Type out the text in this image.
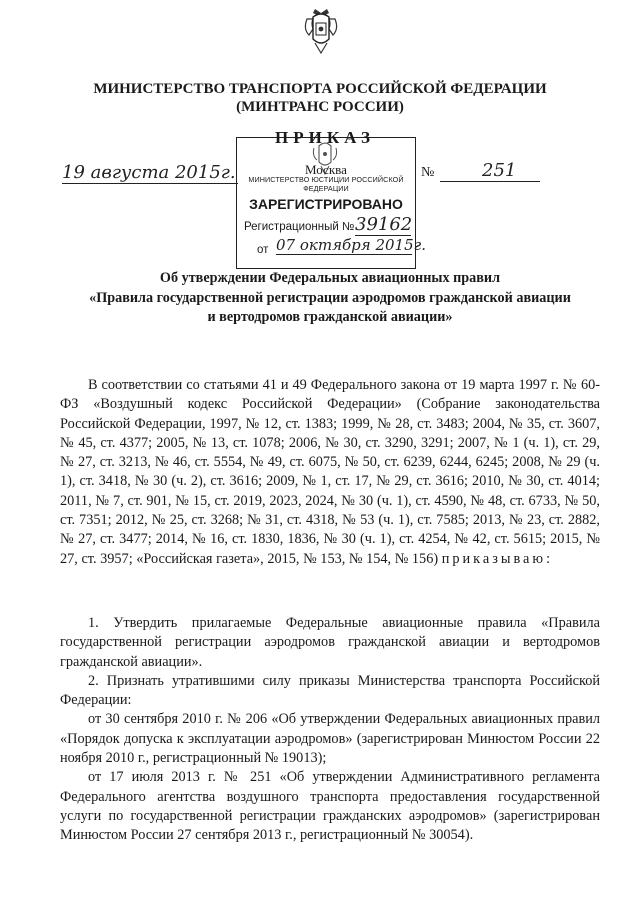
МИНИСТЕРСТВО ТРАНСПОРТА РОССИЙСКОЙ ФЕДЕРАЦИИ
(МИНТРАНС РОССИИ)
ПРИКАЗ
МИНИСТЕРСТВО ЮСТИЦИИ РОССИЙСКОЙ ФЕДЕРАЦИИ
ЗАРЕГИСТРИРОВАНО
Регистрационный № 39162
от 07 октября 2015г.
19 августа 2015г.	Москва	№	251
Об утверждении Федеральных авиационных правил
«Правила государственной регистрации аэродромов гражданской авиации
и вертодромов гражданской авиации»

В соответствии со статьями 41 и 49 Федерального закона от 19 марта 1997 г. № 60-ФЗ «Воздушный кодекс Российской Федерации» (Собрание законодательства Российской Федерации, 1997, № 12, ст. 1383; 1999, № 28, ст. 3483; 2004, № 35, ст. 3607, № 45, ст. 4377; 2005, № 13, ст. 1078; 2006, № 30, ст. 3290, 3291; 2007, № 1 (ч. 1), ст. 29, № 27, ст. 3213, № 46, ст. 5554, № 49, ст. 6075, № 50, ст. 6239, 6244, 6245; 2008, № 29 (ч. 1), ст. 3418, № 30 (ч. 2), ст. 3616; 2009, № 1, ст. 17, № 29, ст. 3616; 2010, № 30, ст. 4014; 2011, № 7, ст. 901, № 15, ст. 2019, 2023, 2024, № 30 (ч. 1), ст. 4590, № 48, ст. 6733, № 50, ст. 7351; 2012, № 25, ст. 3268; № 31, ст. 4318, № 53 (ч. 1), ст. 7585; 2013, № 23, ст. 2882, № 27, ст. 3477; 2014, № 16, ст. 1830, 1836, № 30 (ч. 1), ст. 4254, № 42, ст. 5615; 2015, № 27, ст. 3957; «Российская газета», 2015, № 153, № 154, № 156) приказываю:

1. Утвердить прилагаемые Федеральные авиационные правила «Правила государственной регистрации аэродромов гражданской авиации и вертодромов гражданской авиации».

2. Признать утратившими силу приказы Министерства транспорта Российской Федерации:

от 30 сентября 2010 г. № 206 «Об утверждении Федеральных авиационных правил «Порядок допуска к эксплуатации аэродромов» (зарегистрирован Минюстом России 22 ноября 2010 г., регистрационный № 19013);

от 17 июля 2013 г. № 251 «Об утверждении Административного регламента Федерального агентства воздушного транспорта предоставления государственной услуги по государственной регистрации гражданских аэродромов» (зарегистрирован Минюстом России 27 сентября 2013 г., регистрационный № 30054).
